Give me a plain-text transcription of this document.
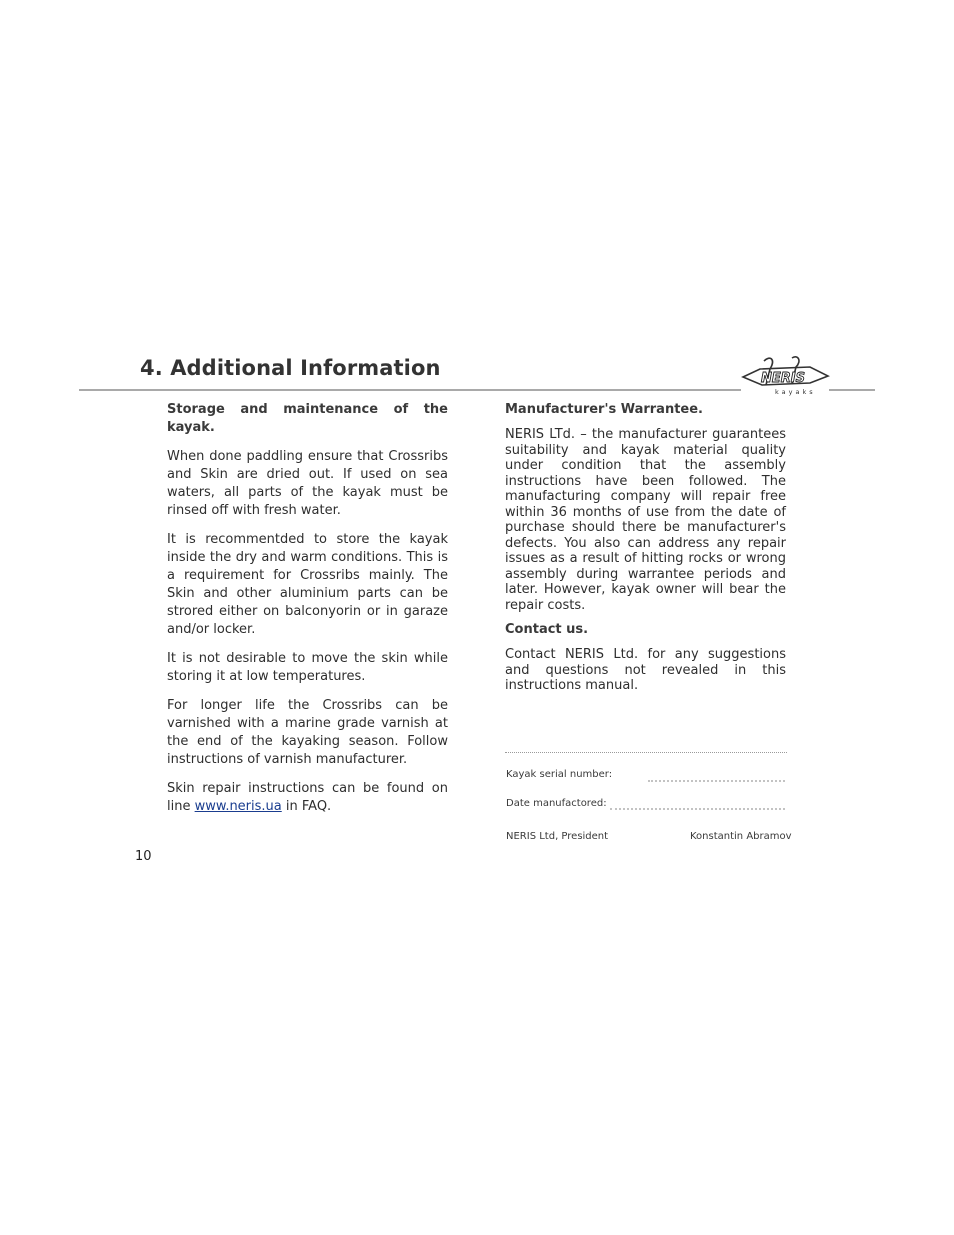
4. Additional Information	NERIS
kayaks

Storage and maintenance of the kayak.

When done paddling ensure that Crossribs and Skin are dried out. If used on sea waters, all parts of the kayak must be rinsed off with fresh water.

It is recommentded to store the kayak inside the dry and warm conditions. This is a requirement for Crossribs mainly. The Skin and other aluminium parts can be strored either on balconyorin or in garaze and/or locker.

It is not desirable to move the skin while storing it at low temperatures.

For longer life the Crossribs can be varnished with a marine grade varnish at the end of the kayaking season. Follow instructions of varnish manufacturer.

Skin repair instructions can be found on line www.neris.ua in FAQ.

Manufacturer's Warrantee.

NERIS LTd. – the manufacturer guarantees suitability and kayak material quality under condition that the assembly instructions have been followed. The manufacturing company will repair free within 36 months of use from the date of purchase should there be manufacturer's defects. You also can address any repair issues as a result of hitting rocks or wrong assembly during warrantee periods and later. However, kayak owner will bear the repair costs.

Contact us.

Contact NERIS Ltd. for any suggestions and questions not revealed in this instructions manual.

Kayak serial number:
Date manufactored:
NERIS Ltd, President	Konstantin Abramov
10
